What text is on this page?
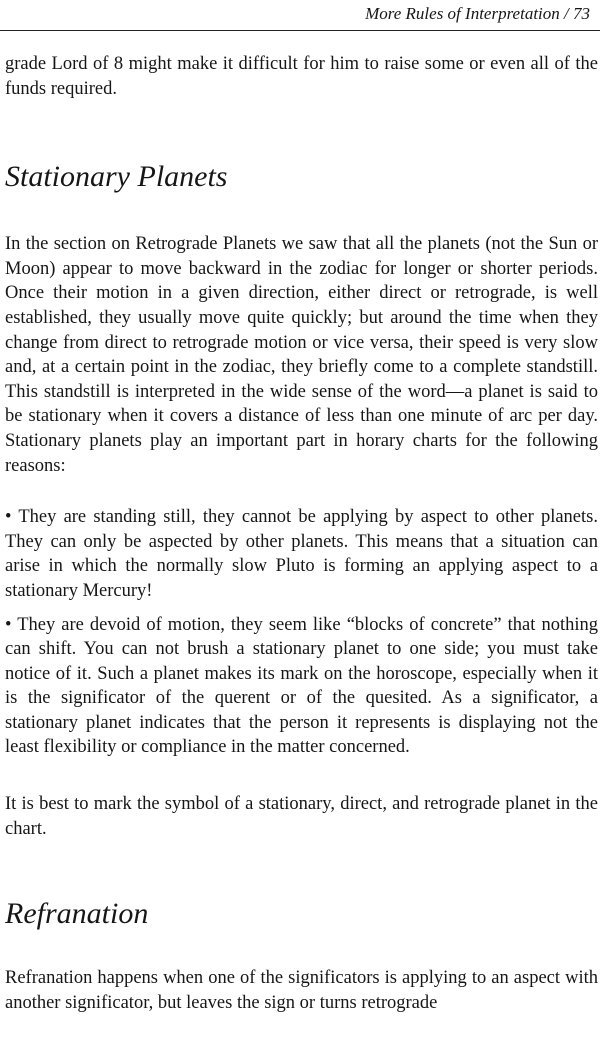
More Rules of Interpretation / 73

grade Lord of 8 might make it difficult for him to raise some or even all of the funds required.

Stationary Planets

In the section on Retrograde Planets we saw that all the planets (not the Sun or Moon) appear to move backward in the zodiac for longer or shorter periods. Once their motion in a given direction, either direct or retrograde, is well established, they usually move quite quickly; but around the time when they change from direct to retrograde motion or vice versa, their speed is very slow and, at a certain point in the zodiac, they briefly come to a complete standstill. This standstill is interpreted in the wide sense of the word—a planet is said to be stationary when it covers a distance of less than one minute of arc per day. Stationary planets play an important part in horary charts for the following reasons:

• They are standing still, they cannot be applying by aspect to other planets. They can only be aspected by other planets. This means that a situation can arise in which the normally slow Pluto is forming an applying aspect to a stationary Mercury!

• They are devoid of motion, they seem like “blocks of concrete” that nothing can shift. You can not brush a stationary planet to one side; you must take notice of it. Such a planet makes its mark on the horoscope, especially when it is the significator of the querent or of the quesited. As a significator, a stationary planet indicates that the person it represents is displaying not the least flexibility or compliance in the matter concerned.

It is best to mark the symbol of a stationary, direct, and retrograde planet in the chart.

Refranation

Refranation happens when one of the significators is applying to an aspect with another significator, but leaves the sign or turns retrograde
